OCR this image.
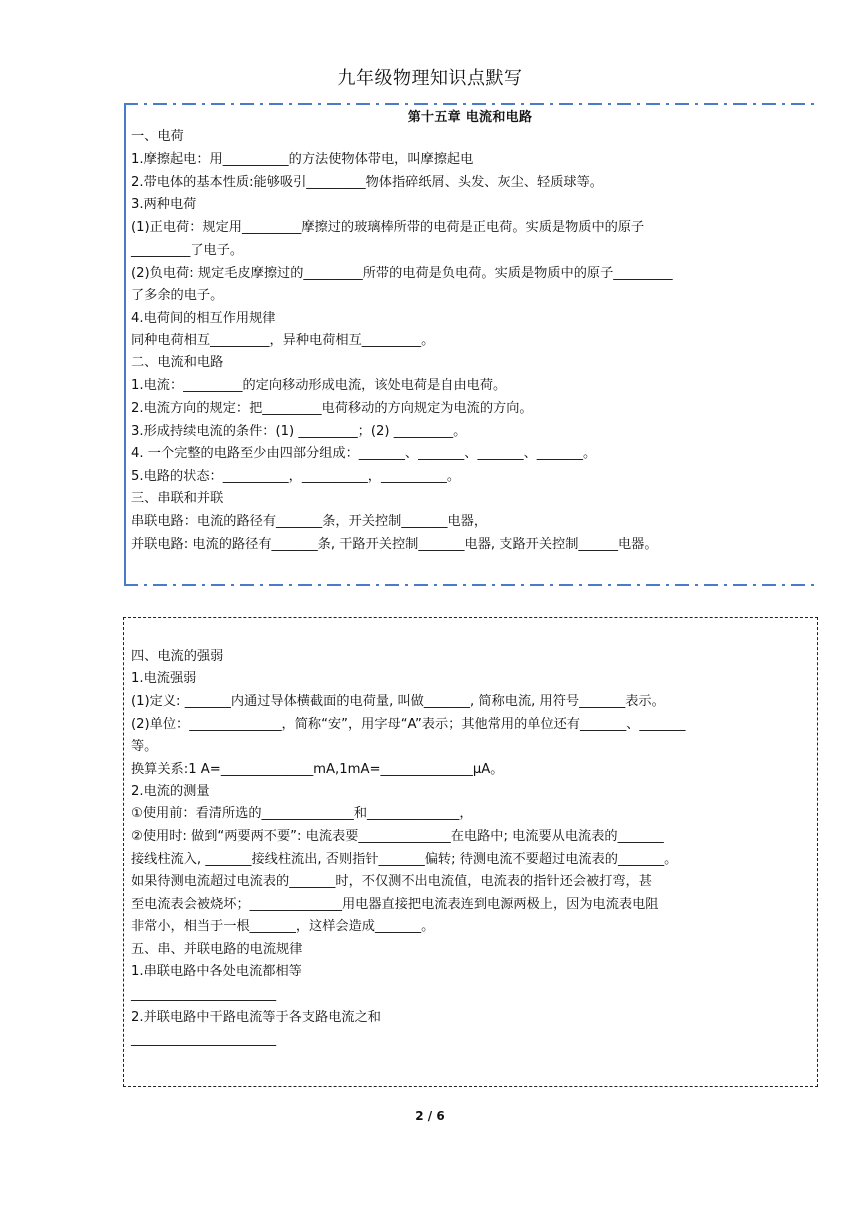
九年级物理知识点默写
第十五章 电流和电路
一、电荷
1.摩擦起电：用__________的方法使物体带电，叫摩擦起电
2.带电体的基本性质:能够吸引_________物体指碎纸屑、头发、灰尘、轻质球等。
3.两种电荷
(1)正电荷：规定用_________摩擦过的玻璃棒所带的电荷是正电荷。实质是物质中的原子
_________了电子。
(2)负电荷: 规定毛皮摩擦过的_________所带的电荷是负电荷。实质是物质中的原子_________
了多余的电子。
4.电荷间的相互作用规律
同种电荷相互_________，异种电荷相互_________。
二、电流和电路
1.电流：_________的定向移动形成电流，该处电荷是自由电荷。
2.电流方向的规定：把_________电荷移动的方向规定为电流的方向。
3.形成持续电流的条件：(1) _________；(2) _________。
4. 一个完整的电路至少由四部分组成：_______、_______、_______、_______。
5.电路的状态：__________，__________，__________。
三、串联和并联
串联电路：电流的路径有_______条，开关控制_______电器，
并联电路: 电流的路径有_______条, 干路开关控制_______电器, 支路开关控制______电器。
四、电流的强弱
1.电流强弱
(1)定义: _______内通过导体横截面的电荷量, 叫做_______, 简称电流, 用符号_______表示。
(2)单位：______________，简称“安”，用字母“A”表示；其他常用的单位还有_______、_______
等。
换算关系:1 A=______________mA,1mA=______________μA。
2.电流的测量
①使用前：看清所选的______________和______________，
②使用时: 做到“两要两不要”: 电流表要______________在电路中; 电流要从电流表的_______
接线柱流入, _______接线柱流出, 否则指针_______偏转; 待测电流不要超过电流表的_______。
如果待测电流超过电流表的_______时，不仅测不出电流值，电流表的指针还会被打弯，甚
至电流表会被烧坏；______________用电器直接把电流表连到电源两极上，因为电流表电阻
非常小，相当于一根_______，这样会造成_______。
五、串、并联电路的电流规律
1.串联电路中各处电流都相等
______________________
2.并联电路中干路电流等于各支路电流之和
______________________
2 / 6
